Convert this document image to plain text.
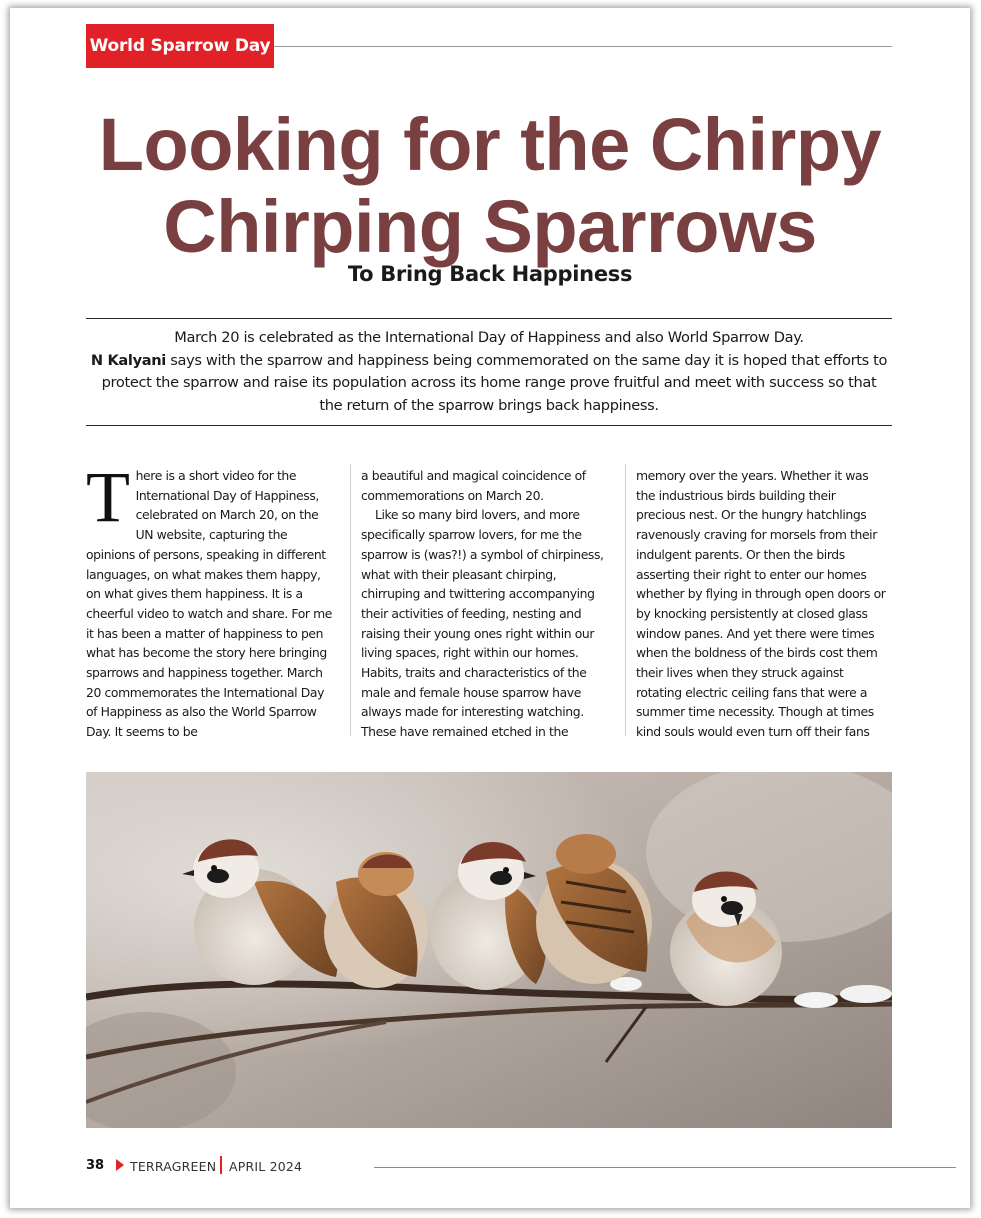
World Sparrow Day
Looking for the Chirpy
Chirping Sparrows
To Bring Back Happiness
March 20 is celebrated as the International Day of Happiness and also World Sparrow Day.
N Kalyani says with the sparrow and happiness being commemorated on the same day it is hoped that efforts to protect the sparrow and raise its population across its home range prove fruitful and meet with success so that the return of the sparrow brings back happiness.
T here is a short video for the International Day of Happiness, celebrated on March 20, on the UN website, capturing the opinions of persons, speaking in different languages, on what makes them happy, on what gives them happiness. It is a cheerful video to watch and share. For me it has been a matter of happiness to pen what has become the story here bringing sparrows and happiness together. March 20 commemorates the International Day of Happiness as also the World Sparrow Day. It seems to be

a beautiful and magical coincidence of commemorations on March 20.

Like so many bird lovers, and more specifically sparrow lovers, for me the sparrow is (was?!) a symbol of chirpiness, what with their pleasant chirping, chirruping and twittering accompanying their activities of feeding, nesting and raising their young ones right within our living spaces, right within our homes. Habits, traits and characteristics of the male and female house sparrow have always made for interesting watching. These have remained etched in the

memory over the years. Whether it was the industrious birds building their precious nest. Or the hungry hatchlings ravenously craving for morsels from their indulgent parents. Or then the birds asserting their right to enter our homes whether by flying in through open doors or by knocking persistently at closed glass window panes. And yet there were times when the boldness of the birds cost them their lives when they struck against rotating electric ceiling fans that were a summer time necessity. Though at times kind souls would even turn off their fans

38 TERRAGREEN APRIL 2024
